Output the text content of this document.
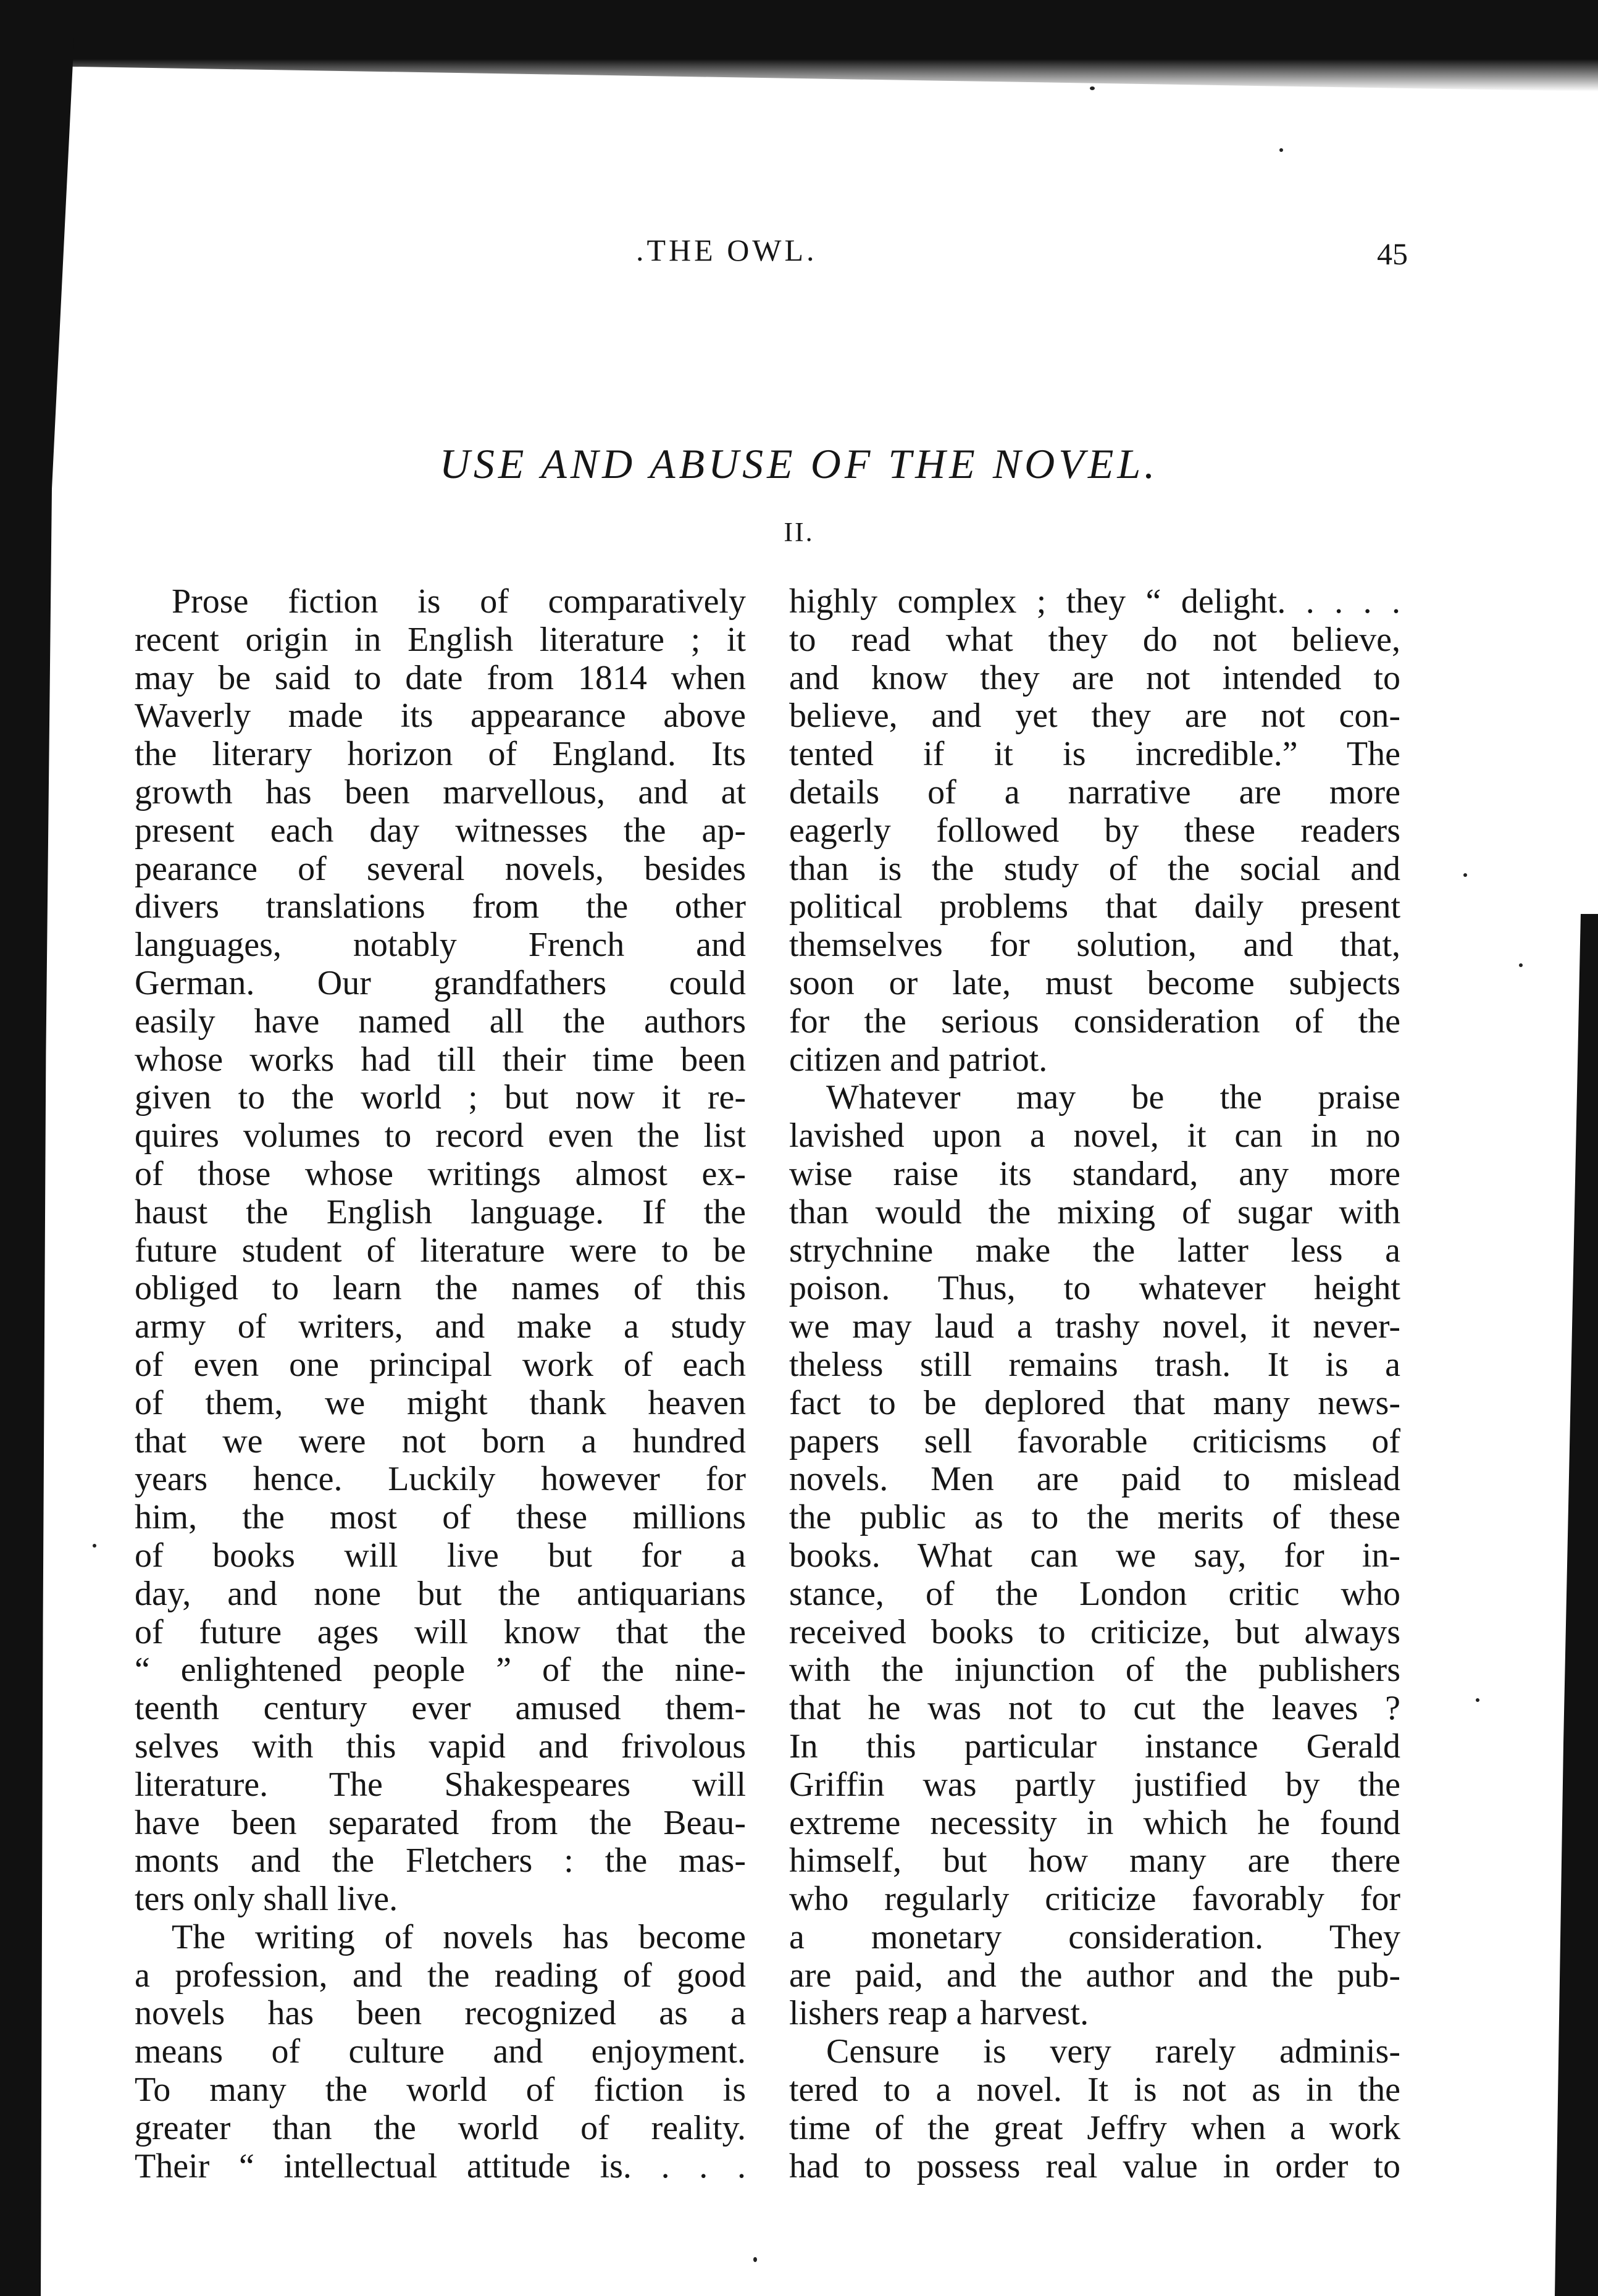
.THE OWL.	45
USE AND ABUSE OF THE NOVEL.
II.
Prose fiction is of comparatively
recent origin in English literature ; it
may be said to date from 1814 when
Waverly made its appearance above
the literary horizon of England. Its
growth has been marvellous, and at
present each day witnesses the ap-
pearance of several novels, besides
divers translations from the other
languages, notably French and
German. Our grandfathers could
easily have named all the authors
whose works had till their time been
given to the world ; but now it re-
quires volumes to record even the list
of those whose writings almost ex-
haust the English language. If the
future student of literature were to be
obliged to learn the names of this
army of writers, and make a study
of even one principal work of each
of them, we might thank heaven
that we were not born a hundred
years hence. Luckily however for
him, the most of these millions
of books will live but for a
day, and none but the antiquarians
of future ages will know that the
“ enlightened people ” of the nine-
teenth century ever amused them-
selves with this vapid and frivolous
literature. The Shakespeares will
have been separated from the Beau-
monts and the Fletchers : the mas-
ters only shall live.
The writing of novels has become
a profession, and the reading of good
novels has been recognized as a
means of culture and enjoyment.
To many the world of fiction is
greater than the world of reality.
Their “ intellectual attitude is. . . .
highly complex ; they “ delight. . . . .
to read what they do not believe,
and know they are not intended to
believe, and yet they are not con-
tented if it is incredible.” The
details of a narrative are more
eagerly followed by these readers
than is the study of the social and
political problems that daily present
themselves for solution, and that,
soon or late, must become subjects
for the serious consideration of the
citizen and patriot.
Whatever may be the praise
lavished upon a novel, it can in no
wise raise its standard, any more
than would the mixing of sugar with
strychnine make the latter less a
poison. Thus, to whatever height
we may laud a trashy novel, it never-
theless still remains trash. It is a
fact to be deplored that many news-
papers sell favorable criticisms of
novels. Men are paid to mislead
the public as to the merits of these
books. What can we say, for in-
stance, of the London critic who
received books to criticize, but always
with the injunction of the publishers
that he was not to cut the leaves ?
In this particular instance Gerald
Griffin was partly justified by the
extreme necessity in which he found
himself, but how many are there
who regularly criticize favorably for
a monetary consideration. They
are paid, and the author and the pub-
lishers reap a harvest.
Censure is very rarely adminis-
tered to a novel. It is not as in the
time of the great Jeffry when a work
had to possess real value in order to
